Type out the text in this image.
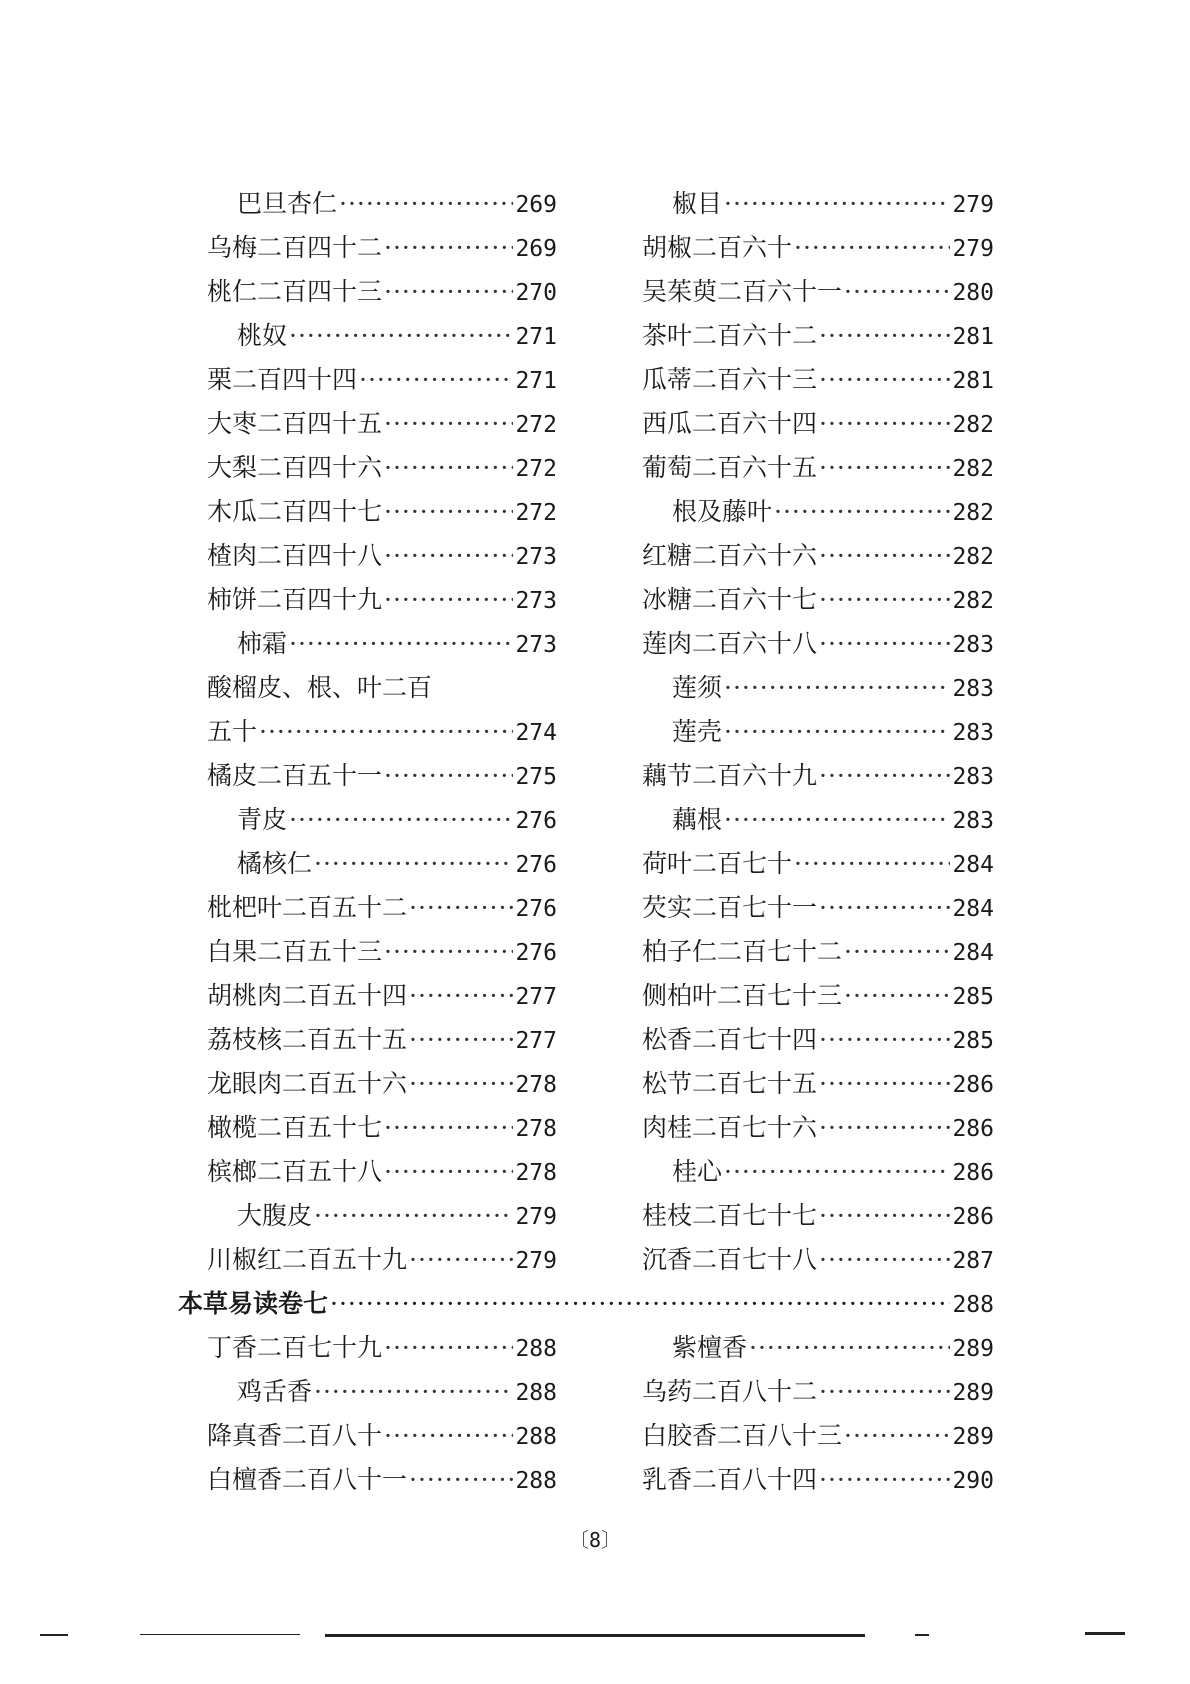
巴旦杏仁 ·····	269
乌梅二百四十二 ·····	269
桃仁二百四十三 ·····	270
桃奴 ·····	271
栗二百四十四 ·····	271
大枣二百四十五 ·····	272
大梨二百四十六 ·····	272
木瓜二百四十七 ·····	272
楂肉二百四十八 ·····	273
柿饼二百四十九 ·····	273
柿霜 ·····	273
酸榴皮、根、叶二百
五十 ·····	274
橘皮二百五十一 ·····	275
青皮 ·····	276
橘核仁 ·····	276
枇杷叶二百五十二 ·····	276
白果二百五十三 ·····	276
胡桃肉二百五十四 ·····	277
荔枝核二百五十五 ·····	277
龙眼肉二百五十六 ·····	278
橄榄二百五十七 ·····	278
槟榔二百五十八 ·····	278
大腹皮 ·····	279
川椒红二百五十九 ·····	279
椒目 ·····	279
胡椒二百六十 ·····	279
吴茱萸二百六十一 ·····	280
茶叶二百六十二 ·····	281
瓜蒂二百六十三 ·····	281
西瓜二百六十四 ·····	282
葡萄二百六十五 ·····	282
根及藤叶 ·····	282
红糖二百六十六 ·····	282
冰糖二百六十七 ·····	282
莲肉二百六十八 ·····	283
莲须 ·····	283
莲壳 ·····	283
藕节二百六十九 ·····	283
藕根 ·····	283
荷叶二百七十 ·····	284
芡实二百七十一 ·····	284
柏子仁二百七十二 ·····	284
侧柏叶二百七十三 ·····	285
松香二百七十四 ·····	285
松节二百七十五 ·····	286
肉桂二百七十六 ·····	286
桂心 ·····	286
桂枝二百七十七 ·····	286
沉香二百七十八 ·····	287
本草易读卷七 ·····	288
丁香二百七十九 ·····	288
鸡舌香 ·····	288
降真香二百八十 ·····	288
白檀香二百八十一 ·····	288
紫檀香 ·····	289
乌药二百八十二 ·····	289
白胶香二百八十三 ·····	289
乳香二百八十四 ·····	290
〔8〕
